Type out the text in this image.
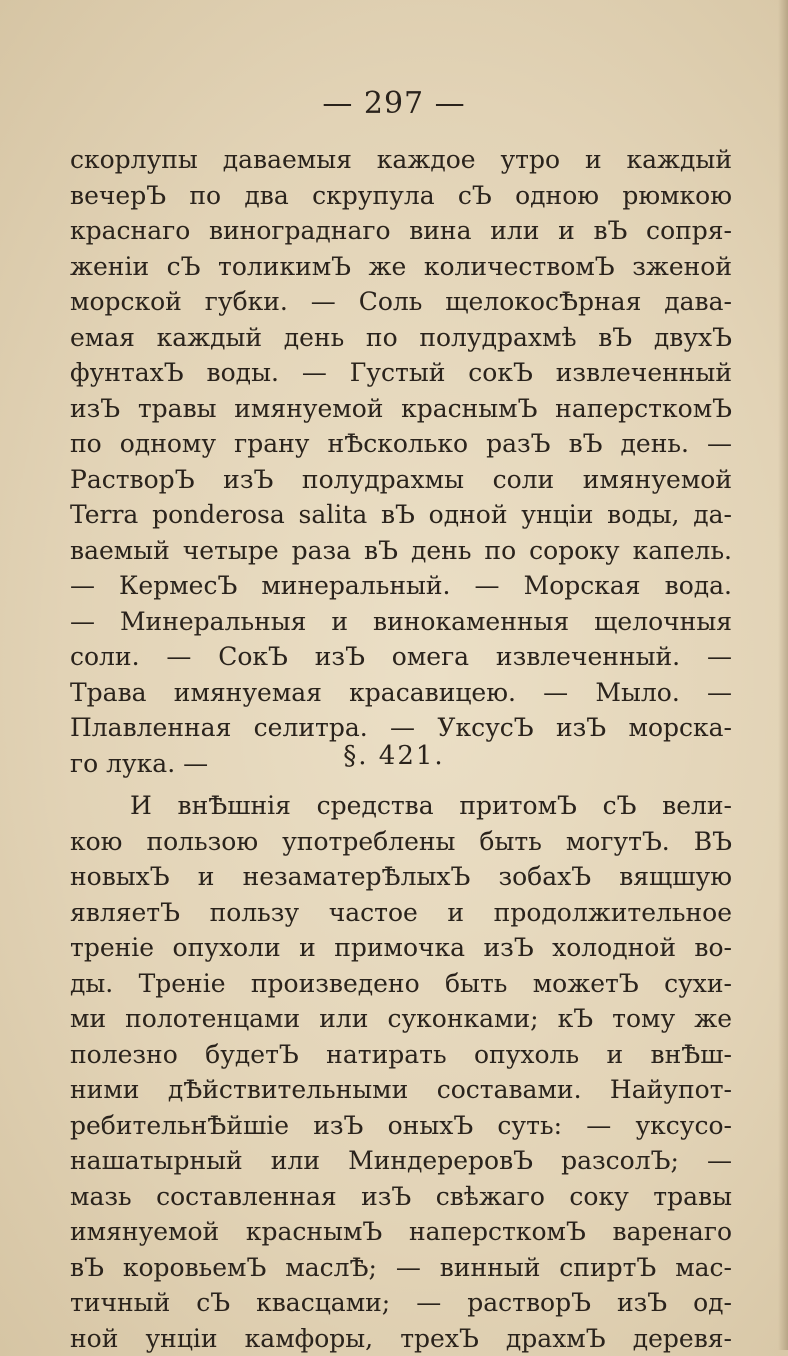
— 297 —
скорлупы даваемыя каждое утро и каждый
вечерЪ по два скрупула сЪ одною рюмкою
краснаго винограднаго вина или и вЪ сопря-
женіи сЪ толикимЪ же количествомЪ зженой
морской губки. — Соль щелокосѢрная дава-
емая каждый день по полудрахмѣ вЪ двухЪ
фунтахЪ воды. — Густый сокЪ извлеченный
изЪ травы имянуемой краснымЪ наперсткомЪ
по одному грану нѢсколько разЪ вЪ день. —
РастворЪ изЪ полудрахмы соли имянуемой
Terra ponderosa salita вЪ одной унціи воды, да-
ваемый четыре раза вЪ день по сороку капель.
— КермесЪ минеральный. — Морская вода.
— Минеральныя и винокаменныя щелочныя
соли. — СокЪ изЪ омега извлеченный. —
Трава имянуемая красавицею. — Мыло. —
Плавленная селитра. — УксусЪ изЪ морска-
го лука. —	§. 421.
И внѢшнія средства притомЪ сЪ вели-
кою пользою употреблены быть могутЪ. ВЪ
новыхЪ и незаматерѢлыхЪ зобахЪ вящшую
являетЪ пользу частое и продолжительное
треніе опухоли и примочка изЪ холодной во-
ды. Треніе произведено быть можетЪ сухи-
ми полотенцами или суконками; кЪ тому же
полезно будетЪ натирать опухоль и внѢш-
ними дѢйствительными составами. Найупот-
ребительнѢйшіе изЪ оныхЪ суть: — уксусо-
нашатырный или МиндереровЪ разсолЪ; —
мазь составленная изЪ свѣжаго соку травы
имянуемой краснымЪ наперсткомЪ варенаго
вЪ коровьемЪ маслѢ; — винный спиртЪ мас-
тичный сЪ квасцами; — растворЪ изЪ од-
ной унціи камфоры, трехЪ драхмЪ деревя-
